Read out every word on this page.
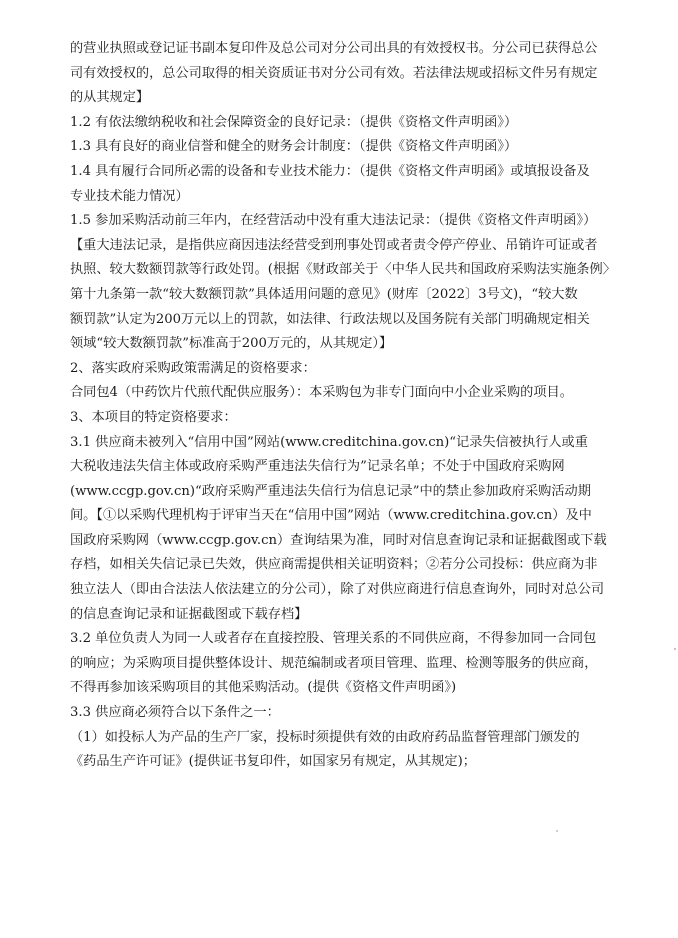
的营业执照或登记证书副本复印件及总公司对分公司出具的有效授权书。分公司已获得总公
司有效授权的，总公司取得的相关资质证书对分公司有效。若法律法规或招标文件另有规定
的从其规定】
1.2 有依法缴纳税收和社会保障资金的良好记录：（提供《资格文件声明函》）
1.3 具有良好的商业信誉和健全的财务会计制度：（提供《资格文件声明函》）
1.4 具有履行合同所必需的设备和专业技术能力：（提供《资格文件声明函》或填报设备及
专业技术能力情况）
1.5 参加采购活动前三年内，在经营活动中没有重大违法记录：（提供《资格文件声明函》）
【重大违法记录，是指供应商因违法经营受到刑事处罚或者责令停产停业、吊销许可证或者
执照、较大数额罚款等行政处罚。(根据《财政部关于〈中华人民共和国政府采购法实施条例〉
第十九条第一款“较大数额罚款”具体适用问题的意见》(财库〔2022〕3号文)，“较大数
额罚款”认定为200万元以上的罚款，如法律、行政法规以及国务院有关部门明确规定相关
领域“较大数额罚款”标准高于200万元的，从其规定）】
2、落实政府采购政策需满足的资格要求：
合同包4（中药饮片代煎代配供应服务）：本采购包为非专门面向中小企业采购的项目。
3、本项目的特定资格要求：
3.1 供应商未被列入“信用中国”网站(www.creditchina.gov.cn)“记录失信被执行人或重
大税收违法失信主体或政府采购严重违法失信行为”记录名单；不处于中国政府采购网
(www.ccgp.gov.cn)“政府采购严重违法失信行为信息记录”中的禁止参加政府采购活动期
间。【①以采购代理机构于评审当天在“信用中国”网站（www.creditchina.gov.cn）及中
国政府采购网（www.ccgp.gov.cn）查询结果为准，同时对信息查询记录和证据截图或下载
存档，如相关失信记录已失效，供应商需提供相关证明资料；②若分公司投标：供应商为非
独立法人（即由合法法人依法建立的分公司），除了对供应商进行信息查询外，同时对总公司
的信息查询记录和证据截图或下载存档】
3.2 单位负责人为同一人或者存在直接控股、管理关系的不同供应商，不得参加同一合同包
的响应；为采购项目提供整体设计、规范编制或者项目管理、监理、检测等服务的供应商，
不得再参加该采购项目的其他采购活动。(提供《资格文件声明函》)
3.3 供应商必须符合以下条件之一：
（1）如投标人为产品的生产厂家，投标时须提供有效的由政府药品监督管理部门颁发的
《药品生产许可证》(提供证书复印件，如国家另有规定，从其规定)；
